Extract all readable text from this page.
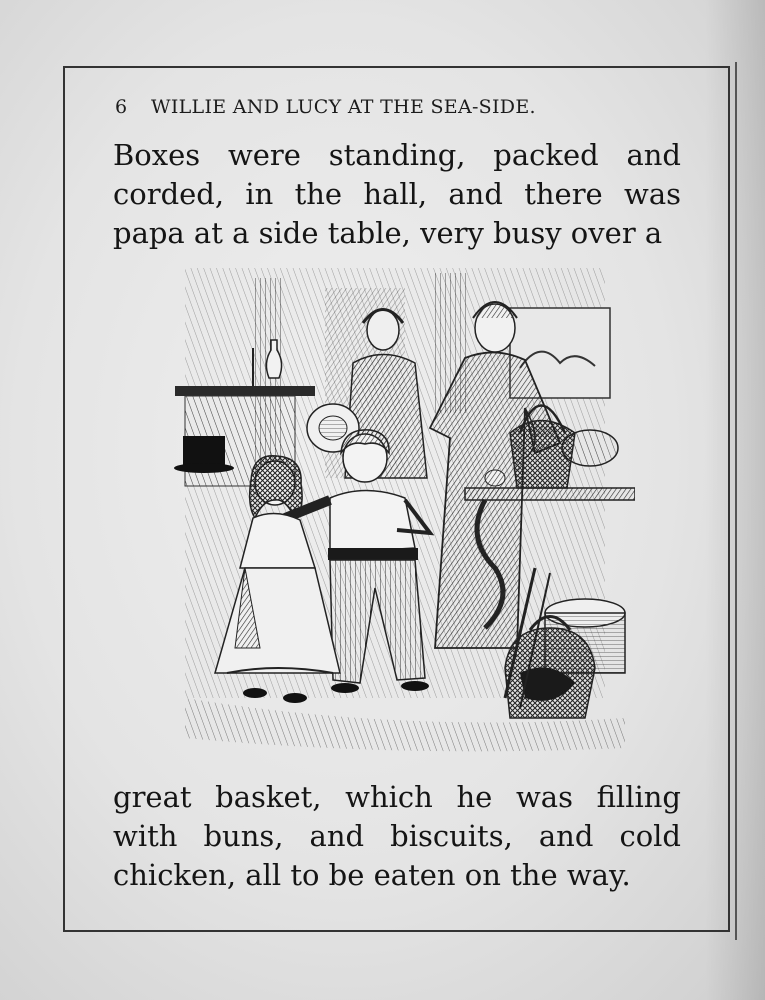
6 WILLIE AND LUCY AT THE SEA-SIDE.
Boxes were standing, packed and
corded, in the hall, and there was
papa at a side table, very busy over a
great basket, which he was filling
with buns, and biscuits, and cold
chicken, all to be eaten on the way.
